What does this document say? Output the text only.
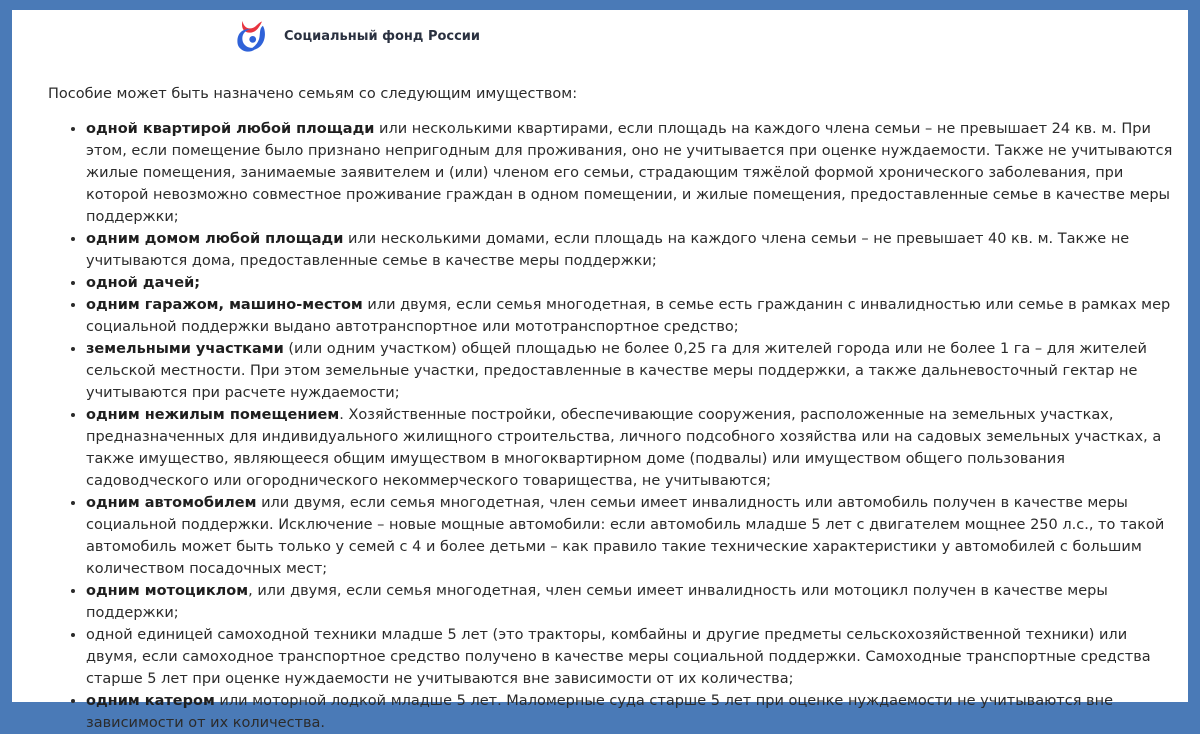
Социальный фонд России

Пособие может быть назначено семьям со следующим имуществом:

• одной квартирой любой площади или несколькими квартирами, если площадь на каждого члена семьи – не превышает 24 кв. м. При этом, если помещение было признано непригодным для проживания, оно не учитывается при оценке нуждаемости. Также не учитываются жилые помещения, занимаемые заявителем и (или) членом его семьи, страдающим тяжёлой формой хронического заболевания, при которой невозможно совместное проживание граждан в одном помещении, и жилые помещения, предоставленные семье в качестве меры поддержки;
• одним домом любой площади или несколькими домами, если площадь на каждого члена семьи – не превышает 40 кв. м. Также не учитываются дома, предоставленные семье в качестве меры поддержки;
• одной дачей;
• одним гаражом, машино-местом или двумя, если семья многодетная, в семье есть гражданин с инвалидностью или семье в рамках мер социальной поддержки выдано автотранспортное или мототранспортное средство;
• земельными участками (или одним участком) общей площадью не более 0,25 га для жителей города или не более 1 га – для жителей сельской местности. При этом земельные участки, предоставленные в качестве меры поддержки, а также дальневосточный гектар не учитываются при расчете нуждаемости;
• одним нежилым помещением. Хозяйственные постройки, обеспечивающие сооружения, расположенные на земельных участках, предназначенных для индивидуального жилищного строительства, личного подсобного хозяйства или на садовых земельных участках, а также имущество, являющееся общим имуществом в многоквартирном доме (подвалы) или имуществом общего пользования садоводческого или огороднического некоммерческого товарищества, не учитываются;
• одним автомобилем или двумя, если семья многодетная, член семьи имеет инвалидность или автомобиль получен в качестве меры социальной поддержки. Исключение – новые мощные автомобили: если автомобиль младше 5 лет с двигателем мощнее 250 л.с., то такой автомобиль может быть только у семей с 4 и более детьми – как правило такие технические характеристики у автомобилей с большим количеством посадочных мест;
• одним мотоциклом, или двумя, если семья многодетная, член семьи имеет инвалидность или мотоцикл получен в качестве меры поддержки;
• одной единицей самоходной техники младше 5 лет (это тракторы, комбайны и другие предметы сельскохозяйственной техники) или двумя, если самоходное транспортное средство получено в качестве меры социальной поддержки. Самоходные транспортные средства старше 5 лет при оценке нуждаемости не учитываются вне зависимости от их количества;
• одним катером или моторной лодкой младше 5 лет. Маломерные суда старше 5 лет при оценке нуждаемости не учитываются вне зависимости от их количества.
